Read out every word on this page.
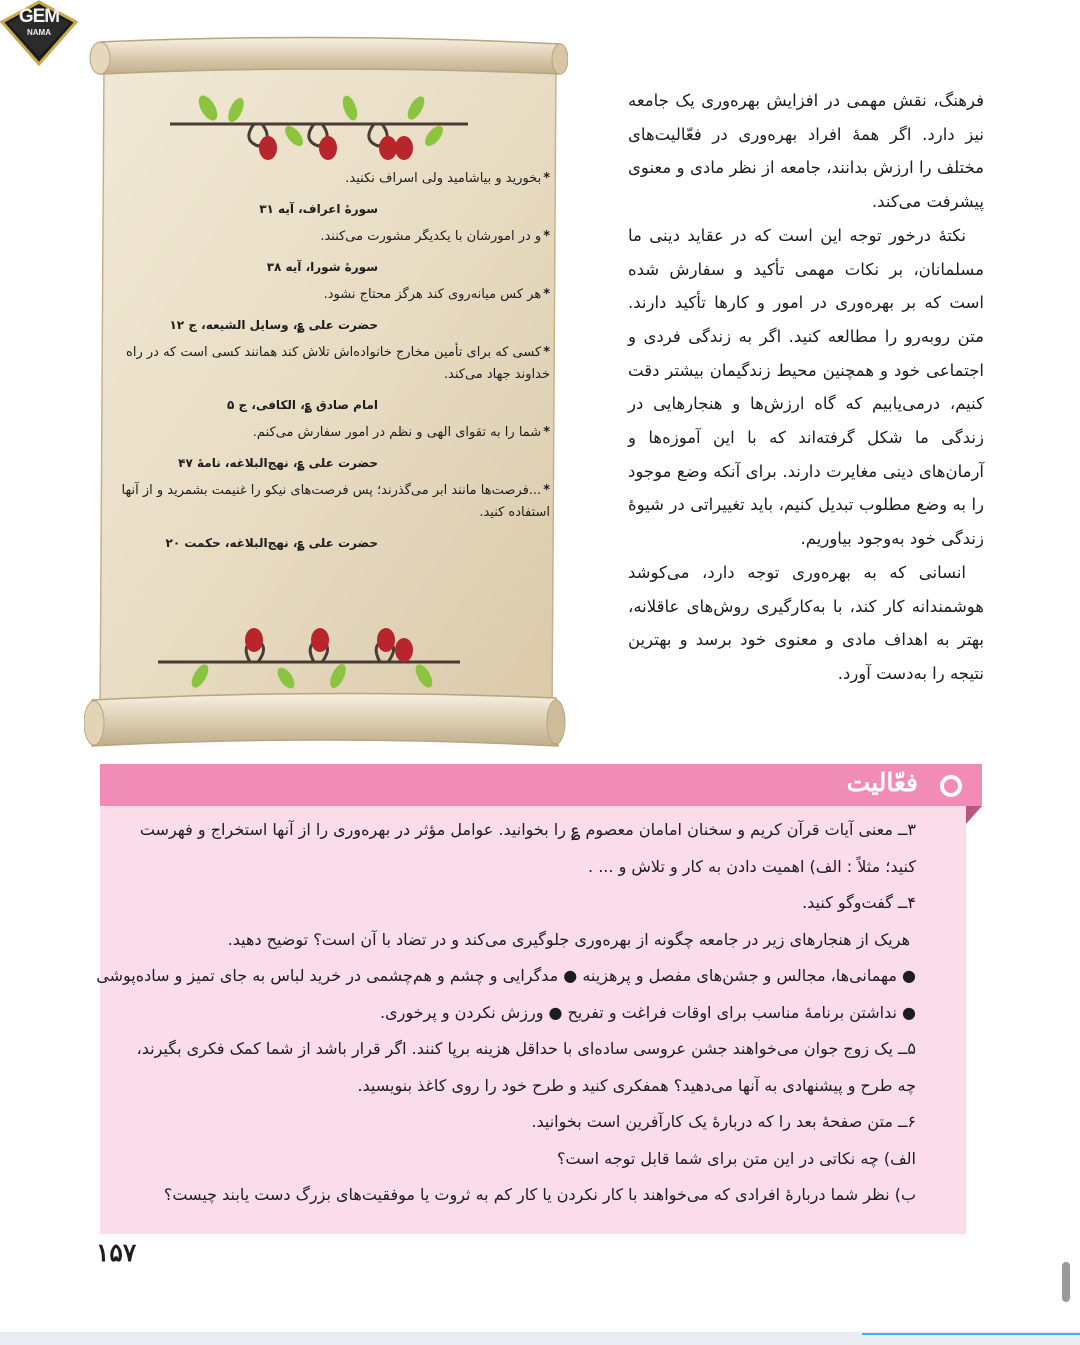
GEM
NAMA

*بخورید و بیاشامید ولی اسراف نکنید.

سورهٔ اعراف، آیه ۳۱

*و در امورشان با یکدیگر مشورت می‌کنند.

سورهٔ شورا، آیه ۳۸

*هر کس میانه‌روی کند هرگز محتاج نشود.

حضرت علی ؏، وسایل الشیعه، ج ۱۲

*کسی که برای تأمین مخارج خانواده‌اش تلاش کند همانند کسی است که در راه خداوند جهاد می‌کند.

امام صادق ؏، الکافی، ج ۵

*شما را به تقوای الهی و نظم در امور سفارش می‌کنم.

حضرت علی ؏، نهج‌البلاغه، نامهٔ ۴۷

*...فرصت‌ها مانند ابر می‌گذرند؛ پس فرصت‌های نیکو را غنیمت بشمرید و از آنها استفاده کنید.

حضرت علی ؏، نهج‌البلاغه، حکمت ۲۰

فرهنگ، نقش مهمی در افزایش بهره‌وری یک جامعه نیز دارد. اگر همهٔ افراد بهره‌وری در فعّالیت‌های مختلف را ارزش بدانند، جامعه از نظر مادی و معنوی پیشرفت می‌کند.

نکتهٔ درخور توجه این است که در عقاید دینی ما مسلمانان، بر نکات مهمی تأکید و سفارش شده است که بر بهره‌وری در امور و کارها تأکید دارند. متن روبه‌رو را مطالعه کنید. اگر به زندگی فردی و اجتماعی خود و همچنین محیط زندگیمان بیشتر دقت کنیم، درمی‌یابیم که گاه ارزش‌ها و هنجارهایی در زندگی ما شکل گرفته‌اند که با این آموزه‌ها و آرمان‌های دینی مغایرت دارند. برای آنکه وضع موجود را به وضع مطلوب تبدیل کنیم، باید تغییراتی در شیوهٔ زندگی خود به‌وجود بیاوریم.

انسانی که به بهره‌وری توجه دارد، می‌کوشد هوشمندانه کار کند، با به‌کارگیری روش‌های عاقلانه، بهتر به اهداف مادی و معنوی خود برسد و بهترین نتیجه را به‌دست آورد.

فعّالیت

۳ــ معنی آیات قرآن کریم و سخنان امامان معصوم ؏ را بخوانید. عوامل مؤثر در بهره‌وری را از آنها استخراج و فهرست

کنید؛ مثلاً : الف) اهمیت دادن به کار و تلاش و ... .

۴ــ گفت‌وگو کنید.

هریک از هنجارهای زیر در جامعه چگونه از بهره‌وری جلوگیری می‌کند و در تضاد با آن است؟ توضیح دهید.

● مهمانی‌ها، مجالس و جشن‌های مفصل و پرهزینه ● مدگرایی و چشم و هم‌چشمی در خرید لباس به جای تمیز و ساده‌پوشی

● نداشتن برنامهٔ مناسب برای اوقات فراغت و تفریح ● ورزش نکردن و پرخوری.

۵ــ یک زوج جوان می‌خواهند جشن عروسی ساده‌ای با حداقل هزینه برپا کنند. اگر قرار باشد از شما کمک فکری بگیرند،

چه طرح و پیشنهادی به آنها می‌دهید؟ همفکری کنید و طرح خود را روی کاغذ بنویسید.

۶ــ متن صفحهٔ بعد را که دربارهٔ یک کارآفرین است بخوانید.

الف) چه نکاتی در این متن برای شما قابل توجه است؟

ب) نظر شما دربارهٔ افرادی که می‌خواهند با کار نکردن یا کار کم به ثروت یا موفقیت‌های بزرگ دست یابند چیست؟

۱۵۷
